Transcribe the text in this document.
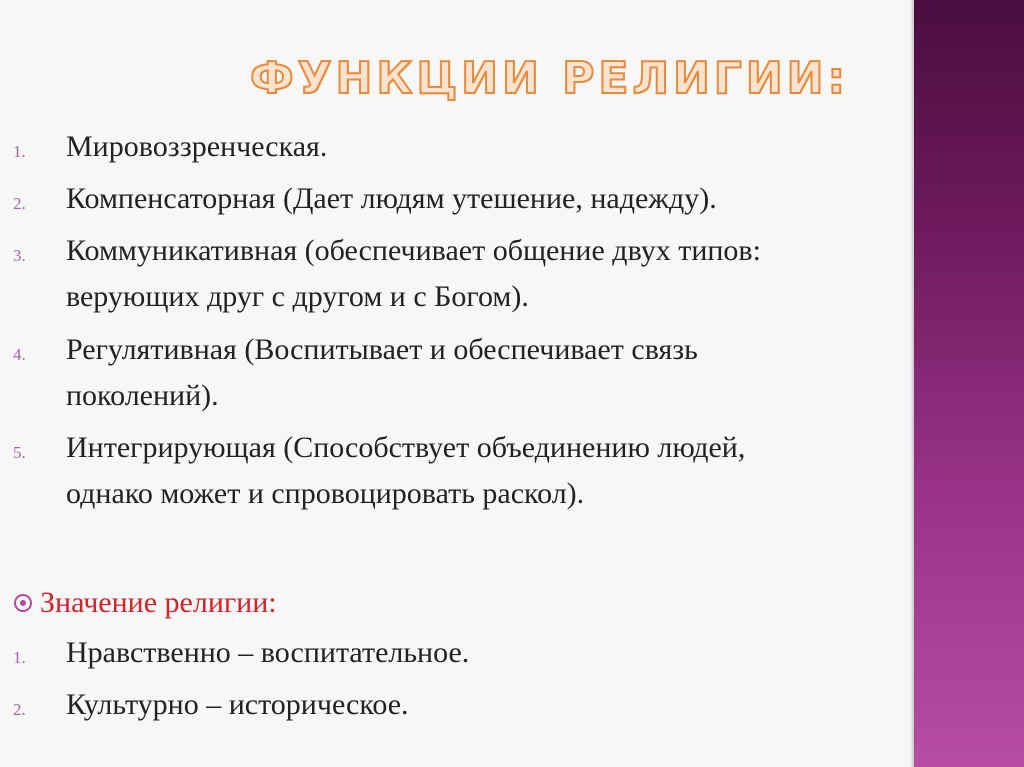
ФУНКЦИИ РЕЛИГИИ:
1.	Мировоззренческая.
2.	Компенсаторная (Дает людям утешение, надежду).
3.	Коммуникативная (обеспечивает общение двух типов:
верующих друг с другом и с Богом).
4.	Регулятивная (Воспитывает и обеспечивает связь
поколений).
5.	Интегрирующая (Способствует объединению людей,
однако может и спровоцировать раскол).
Значение религии:
1.	Нравственно – воспитательное.
2.	Культурно – историческое.
